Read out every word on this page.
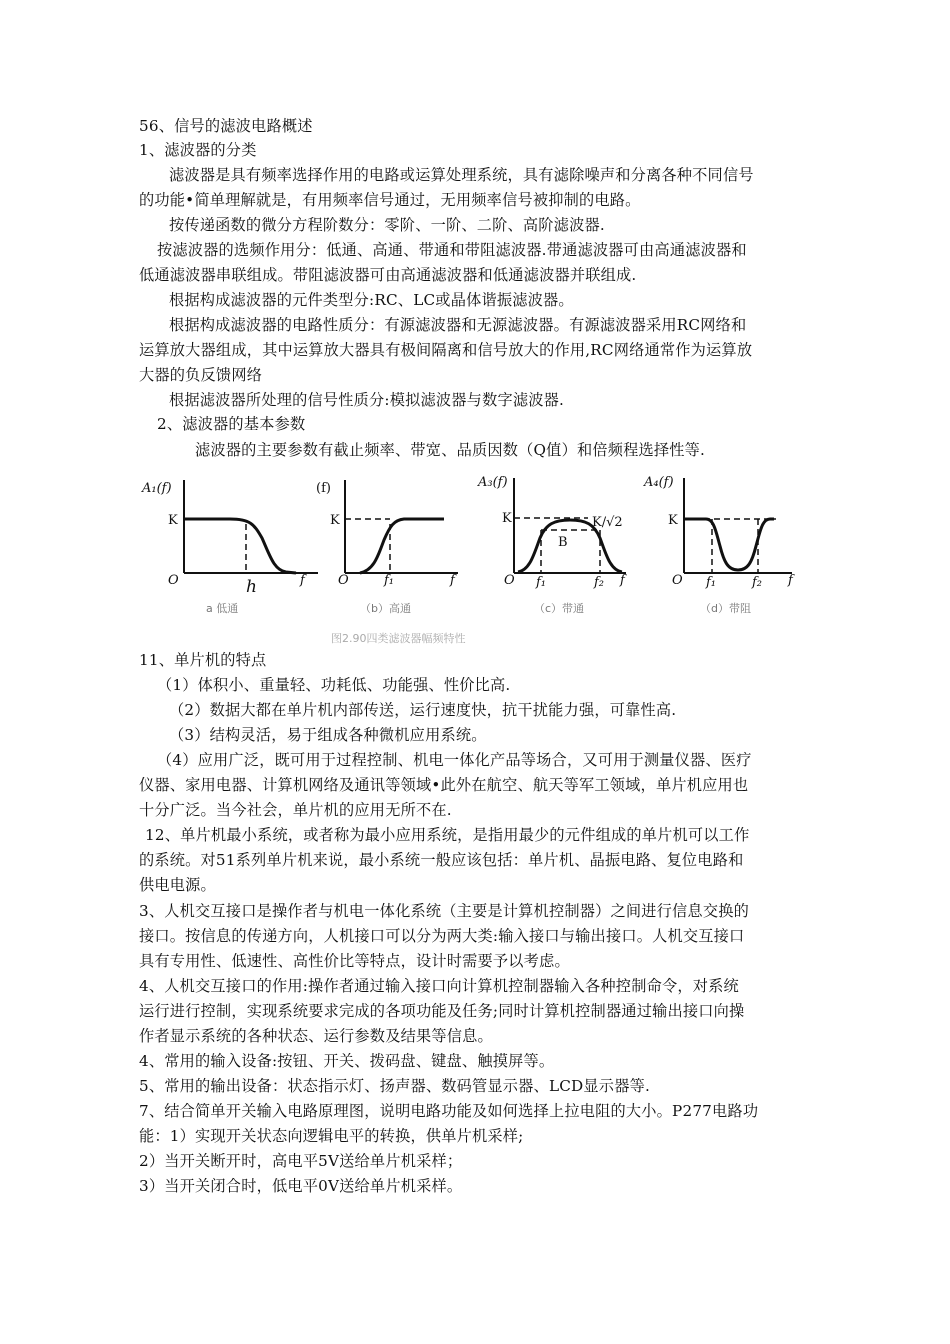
56、信号的滤波电路概述
1、滤波器的分类
滤波器是具有频率选择作用的电路或运算处理系统，具有滤除噪声和分离各种不同信号
的功能•简单理解就是，有用频率信号通过，无用频率信号被抑制的电路。
按传递函数的微分方程阶数分：零阶、一阶、二阶、高阶滤波器.
按滤波器的选频作用分：低通、高通、带通和带阻滤波器.带通滤波器可由高通滤波器和
低通滤波器串联组成。带阻滤波器可由高通滤波器和低通滤波器并联组成.
根据构成滤波器的元件类型分:RC、LC或晶体谐振滤波器。
根据构成滤波器的电路性质分：有源滤波器和无源滤波器。有源滤波器采用RC网络和
运算放大器组成，其中运算放大器具有极间隔离和信号放大的作用,RC网络通常作为运算放
大器的负反馈网络
根据滤波器所处理的信号性质分:模拟滤波器与数字滤波器.
2、滤波器的基本参数
滤波器的主要参数有截止频率、带宽、品质因数（Q值）和倍频程选择性等.
A₁(f)
K
O	f
h
a 低通
(f)
K
O	f
f₁
（b）高通
A₃(f)
K	K/√2
B
O	f
f₁	f₂
（c）带通
A₄(f)
K
O	f
f₁	f₂
（d）带阻
图2.90四类滤波器幅频特性
11、单片机的特点
（1）体积小、重量轻、功耗低、功能强、性价比高.
（2）数据大都在单片机内部传送，运行速度快，抗干扰能力强，可靠性高.
（3）结构灵活，易于组成各种微机应用系统。
（4）应用广泛，既可用于过程控制、机电一体化产品等场合，又可用于测量仪器、医疗
仪器、家用电器、计算机网络及通讯等领域•此外在航空、航天等军工领域，单片机应用也
十分广泛。当今社会，单片机的应用无所不在.
12、单片机最小系统，或者称为最小应用系统，是指用最少的元件组成的单片机可以工作
的系统。对51系列单片机来说，最小系统一般应该包括：单片机、晶振电路、复位电路和
供电电源。
3、人机交互接口是操作者与机电一体化系统（主要是计算机控制器）之间进行信息交换的
接口。按信息的传递方向，人机接口可以分为两大类:输入接口与输出接口。人机交互接口
具有专用性、低速性、高性价比等特点，设计时需要予以考虑。
4、人机交互接口的作用:操作者通过输入接口向计算机控制器输入各种控制命令，对系统
运行进行控制，实现系统要求完成的各项功能及任务;同时计算机控制器通过输出接口向操
作者显示系统的各种状态、运行参数及结果等信息。
4、常用的输入设备:按钮、开关、拨码盘、键盘、触摸屏等。
5、常用的输出设备：状态指示灯、扬声器、数码管显示器、LCD显示器等.
7、结合简单开关输入电路原理图，说明电路功能及如何选择上拉电阻的大小。P277电路功
能：1）实现开关状态向逻辑电平的转换，供单片机采样;
2）当开关断开时，高电平5V送给单片机采样；
3）当开关闭合时，低电平0V送给单片机采样。
